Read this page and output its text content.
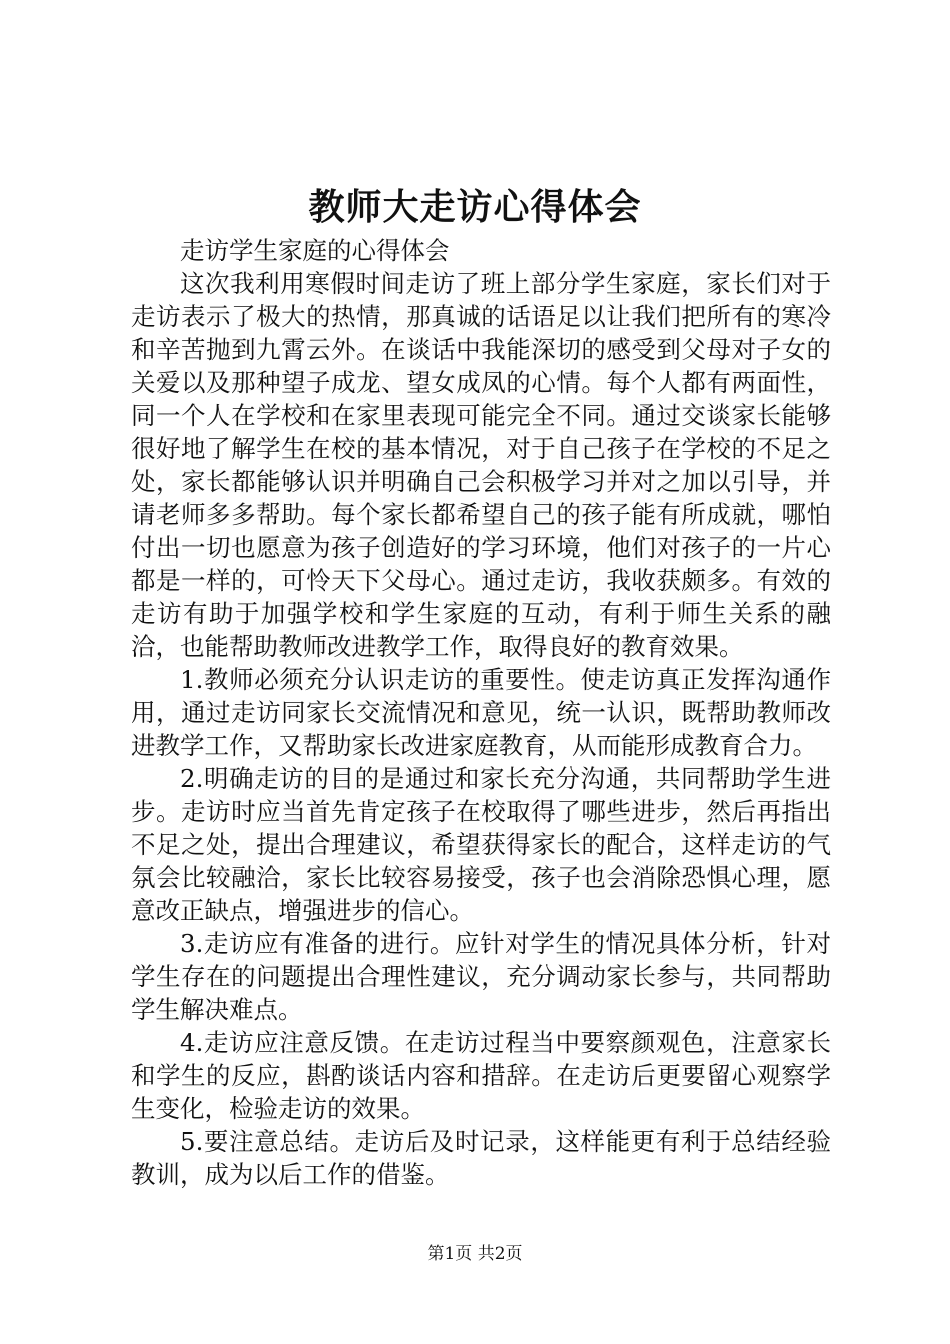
教师大走访心得体会

走访学生家庭的心得体会

这次我利用寒假时间走访了班上部分学生家庭，家长们对于走访表示了极大的热情，那真诚的话语足以让我们把所有的寒冷和辛苦抛到九霄云外。在谈话中我能深切的感受到父母对子女的关爱以及那种望子成龙、望女成凤的心情。每个人都有两面性，同一个人在学校和在家里表现可能完全不同。通过交谈家长能够很好地了解学生在校的基本情况，对于自己孩子在学校的不足之处，家长都能够认识并明确自己会积极学习并对之加以引导，并请老师多多帮助。每个家长都希望自己的孩子能有所成就，哪怕付出一切也愿意为孩子创造好的学习环境，他们对孩子的一片心都是一样的，可怜天下父母心。通过走访，我收获颇多。有效的走访有助于加强学校和学生家庭的互动，有利于师生关系的融洽，也能帮助教师改进教学工作，取得良好的教育效果。

1.教师必须充分认识走访的重要性。使走访真正发挥沟通作用，通过走访同家长交流情况和意见，统一认识，既帮助教师改进教学工作，又帮助家长改进家庭教育，从而能形成教育合力。

2.明确走访的目的是通过和家长充分沟通，共同帮助学生进步。走访时应当首先肯定孩子在校取得了哪些进步，然后再指出不足之处，提出合理建议，希望获得家长的配合，这样走访的气氛会比较融洽，家长比较容易接受，孩子也会消除恐惧心理，愿意改正缺点，增强进步的信心。

3.走访应有准备的进行。应针对学生的情况具体分析，针对学生存在的问题提出合理性建议，充分调动家长参与，共同帮助学生解决难点。

4.走访应注意反馈。在走访过程当中要察颜观色，注意家长和学生的反应，斟酌谈话内容和措辞。在走访后更要留心观察学生变化，检验走访的效果。

5.要注意总结。走访后及时记录，这样能更有利于总结经验教训，成为以后工作的借鉴。

第1页 共2页
